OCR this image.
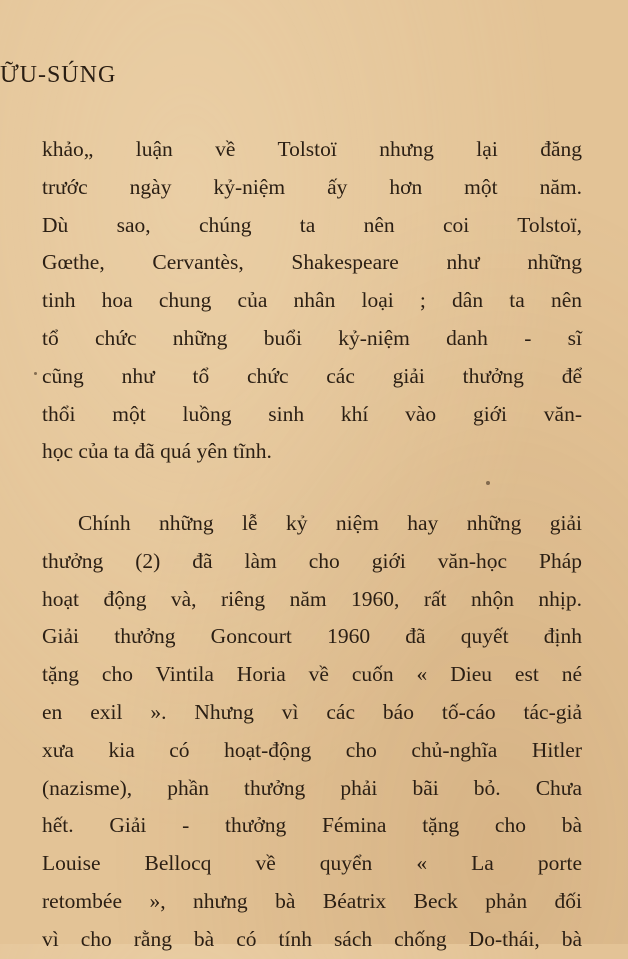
ỮU-SÚNG
khảo„ luận về Tolstoï nhưng lại đăng
trước ngày kỷ-niệm ấy hơn một năm.
Dù sao, chúng ta nên coi Tolstoï,
Gœthe, Cervantès, Shakespeare như những
tinh hoa chung của nhân loại ; dân ta nên
tổ chức những buổi kỷ-niệm danh - sĩ
cũng như tổ chức các giải thưởng để
thổi một luồng sinh khí vào giới văn-
học của ta đã quá yên tĩnh.
Chính những lễ kỷ niệm hay những giải
thưởng (2) đã làm cho giới văn-học Pháp
hoạt động và, riêng năm 1960, rất nhộn nhịp.
Giải thưởng Goncourt 1960 đã quyết định
tặng cho Vintila Horia về cuốn « Dieu est né
en exil ». Nhưng vì các báo tố-cáo tác-giả
xưa kia có hoạt-động cho chủ-nghĩa Hitler
(nazisme), phần thưởng phải bãi bỏ. Chưa
hết. Giải - thưởng Fémina tặng cho bà
Louise Bellocq về quyển « La porte
retombée », nhưng bà Béatrix Beck phản đối
vì cho rằng bà có tính sách chống Do-thái, bà
